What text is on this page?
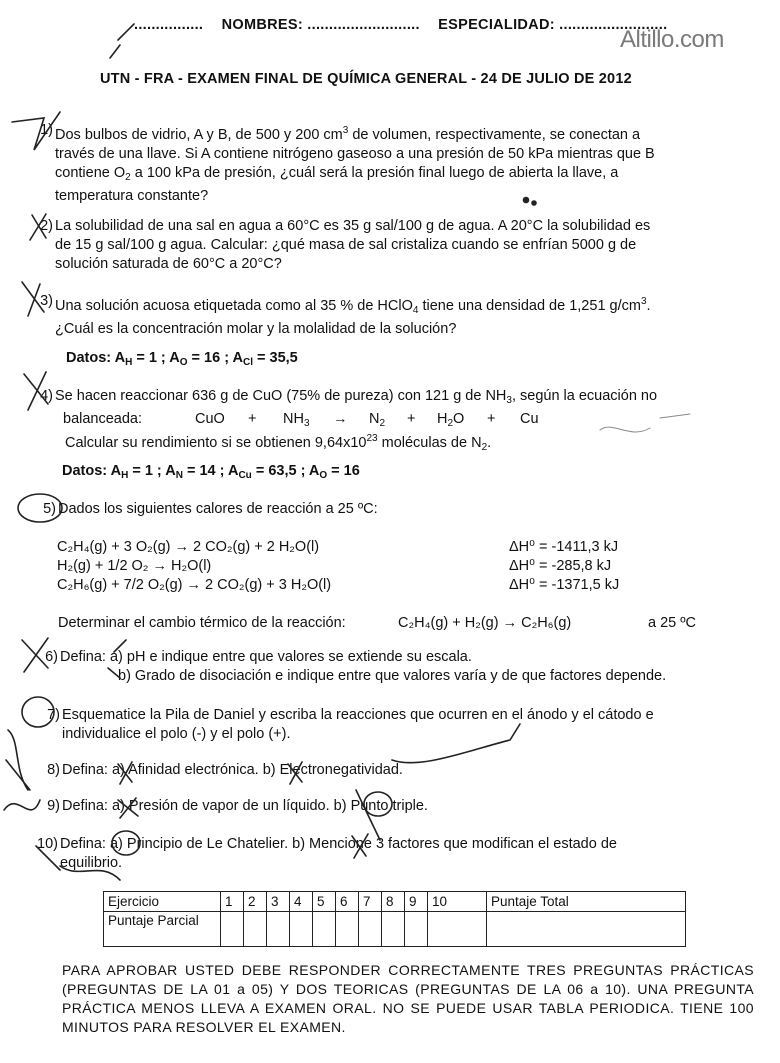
................ NOMBRES: .......................... ESPECIALIDAD: .........................
Altillo.com
UTN - FRA - EXAMEN FINAL DE QUÍMICA GENERAL - 24 DE JULIO DE 2012
1) Dos bulbos de vidrio, A y B, de 500 y 200 $cm^3$ de volumen, respectivamente, se conectan a
través de una llave. Si A contiene nitrógeno gaseoso a una presión de 50 kPa mientras que B
contiene $O_2$ a 100 kPa de presión, ¿cuál será la presión final luego de abierta la llave, a
temperatura constante?
2) La solubilidad de una sal en agua a 60°C es 35 g sal/100 g de agua. A 20°C la solubilidad es
de 15 g sal/100 g agua. Calcular: ¿qué masa de sal cristaliza cuando se enfrían 5000 g de
solución saturada de 60°C a 20°C?
3) Una solución acuosa etiquetada como al 35 % de HClO$_4$ tiene una densidad de 1,251 $g/cm^3$.
¿Cuál es la concentración molar y la molalidad de la solución?
Datos: $A_H = 1$ ; $A_O = 16$ ; $A_{Cl} = 35,5$
4) Se hacen reaccionar 636 g de CuO (75% de pureza) con 121 g de $NH_3$, según la ecuación no
balanceada:	CuO + $NH_3 \to N_2 + H_2O + Cu$
Calcular su rendimiento si se obtienen $9,64x10^{23}$ moléculas de $N_2$.
Datos: $A_H = 1$ ; $A_N = 14$ ; $A_{Cu} = 63,5$ ; $A_O = 16$
5) Dados los siguientes calores de reacción a 25 ºC:
C₂H₄(g) + 3 O₂(g) → 2 CO₂(g) + 2 H₂O(l)	ΔH⁰ = -1411,3 kJ
H₂(g) + 1/2 O₂ → H₂O(l)	ΔH⁰ = -285,8 kJ
C₂H₆(g) + 7/2 O₂(g) → 2 CO₂(g) + 3 H₂O(l)	ΔH⁰ = -1371,5 kJ
Determinar el cambio térmico de la reacción:	C₂H₄(g) + H₂(g) → C₂H₆(g)	a 25 ºC
6) Defina: a) pH e indique entre que valores se extiende su escala.
b) Grado de disociación e indique entre que valores varía y de que factores depende.
7) Esquematice la Pila de Daniel y escriba la reacciones que ocurren en el ánodo y el cátodo e
individualice el polo (-) y el polo (+).
8) Defina: a) Afinidad electrónica. b) Electronegatividad.
9) Defina: a) Presión de vapor de un líquido. b) Punto triple.
10) Defina: a) Principio de Le Chatelier. b) Mencione 3 factores que modifican el estado de
equilibrio.
Ejercicio	1	2	3	4	5	6	7	8	9	10	Puntaje Total
Puntaje Parcial											
PARA APROBAR USTED DEBE RESPONDER CORRECTAMENTE TRES PREGUNTAS PRÁCTICAS (PREGUNTAS DE LA 01 a 05) Y DOS TEORICAS (PREGUNTAS DE LA 06 a 10). UNA PREGUNTA PRÁCTICA MENOS LLEVA A EXAMEN ORAL. NO SE PUEDE USAR TABLA PERIODICA. TIENE 100 MINUTOS PARA RESOLVER EL EXAMEN.
